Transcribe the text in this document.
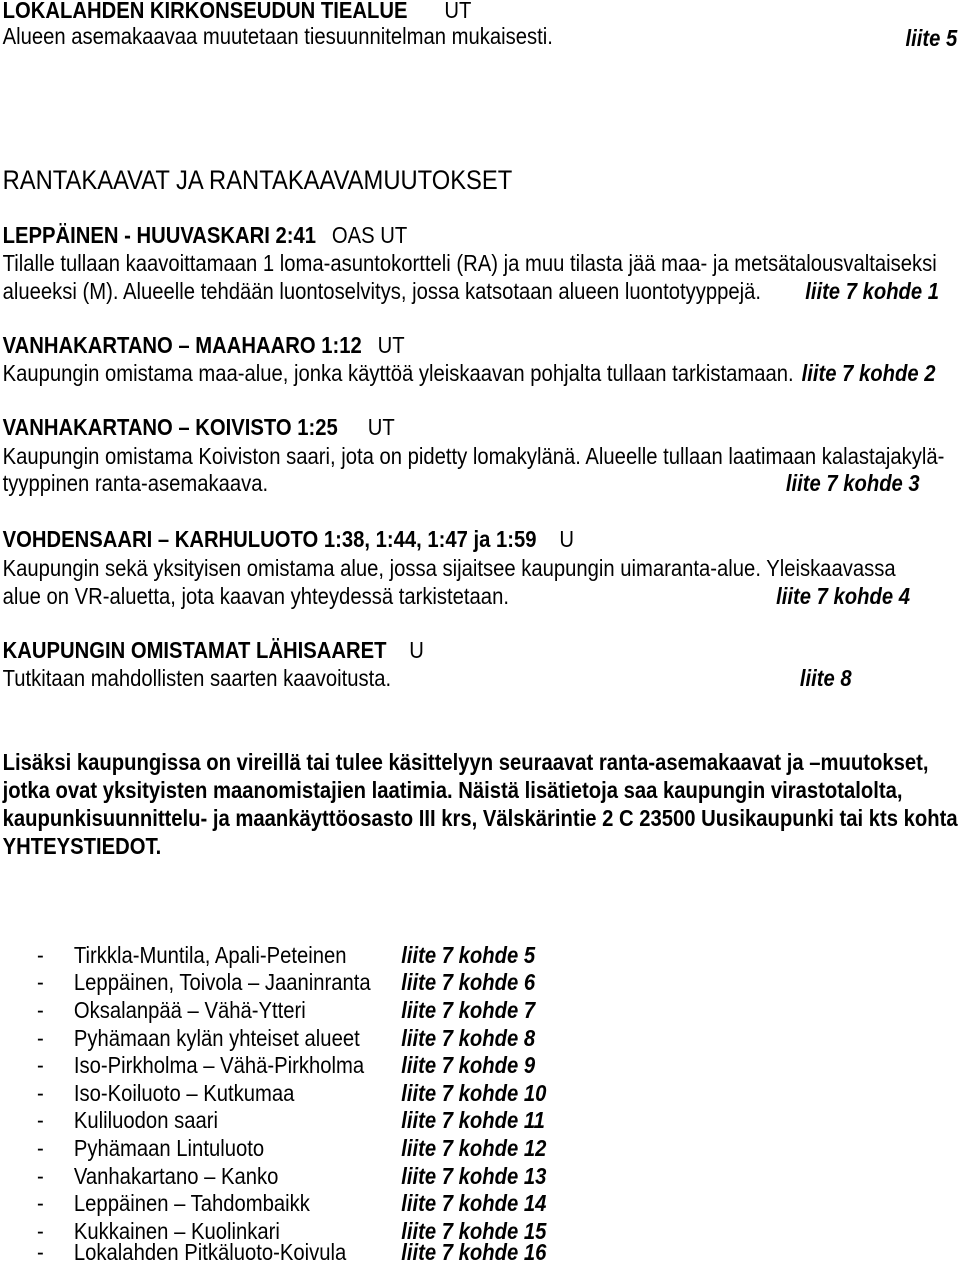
LOKALAHDEN KIRKONSEUDUN TIEALUE UT
Alueen asemakaavaa muutetaan tiesuunnitelman mukaisesti.	liite 5
RANTAKAAVAT JA RANTAKAAVAMUUTOKSET
LEPPÄINEN - HUUVASKARI 2:41 OAS UT
Tilalle tullaan kaavoittamaan 1 loma-asuntokortteli (RA) ja muu tilasta jää maa- ja metsätalousvaltaiseksi
alueeksi (M). Alueelle tehdään luontoselvitys, jossa katsotaan alueen luontotyyppejä. liite 7 kohde 1
VANHAKARTANO – MAAHAARO 1:12 UT
Kaupungin omistama maa-alue, jonka käyttöä yleiskaavan pohjalta tullaan tarkistamaan. liite 7 kohde 2
VANHAKARTANO – KOIVISTO 1:25 UT
Kaupungin omistama Koiviston saari, jota on pidetty lomakylänä. Alueelle tullaan laatimaan kalastajakylä-
tyyppinen ranta-asemakaava.	liite 7 kohde 3
VOHDENSAARI – KARHULUOTO 1:38, 1:44, 1:47 ja 1:59 U
Kaupungin sekä yksityisen omistama alue, jossa sijaitsee kaupungin uimaranta-alue. Yleiskaavassa
alue on VR-aluetta, jota kaavan yhteydessä tarkistetaan.	liite 7 kohde 4
KAUPUNGIN OMISTAMAT LÄHISAARET U
Tutkitaan mahdollisten saarten kaavoitusta.	liite 8
Lisäksi kaupungissa on vireillä tai tulee käsittelyyn seuraavat ranta-asemakaavat ja –muutokset,
jotka ovat yksityisten maanomistajien laatimia. Näistä lisätietoja saa kaupungin virastotalolta,
kaupunkisuunnittelu- ja maankäyttöosasto III krs, Välskärintie 2 C 23500 Uusikaupunki tai kts kohta
YHTEYSTIEDOT.
- Tirkkla-Muntila, Apali-Peteinen liite 7 kohde 5
- Leppäinen, Toivola – Jaaninranta liite 7 kohde 6
- Oksalanpää – Vähä-Ytteri	liite 7 kohde 7
- Pyhämaan kylän yhteiset alueet liite 7 kohde 8
- Iso-Pirkholma – Vähä-Pirkholma liite 7 kohde 9
- Iso-Koiluoto – Kutkumaa	liite 7 kohde 10
- Kuliluodon saari	liite 7 kohde 11
- Pyhämaan Lintuluoto	liite 7 kohde 12
- Vanhakartano – Kanko	liite 7 kohde 13
- Leppäinen – Tahdombaikk	liite 7 kohde 14
- Kukkainen – Kuolinkari	liite 7 kohde 15
- Lokalahden Pitkäluoto-Koivula liite 7 kohde 16
